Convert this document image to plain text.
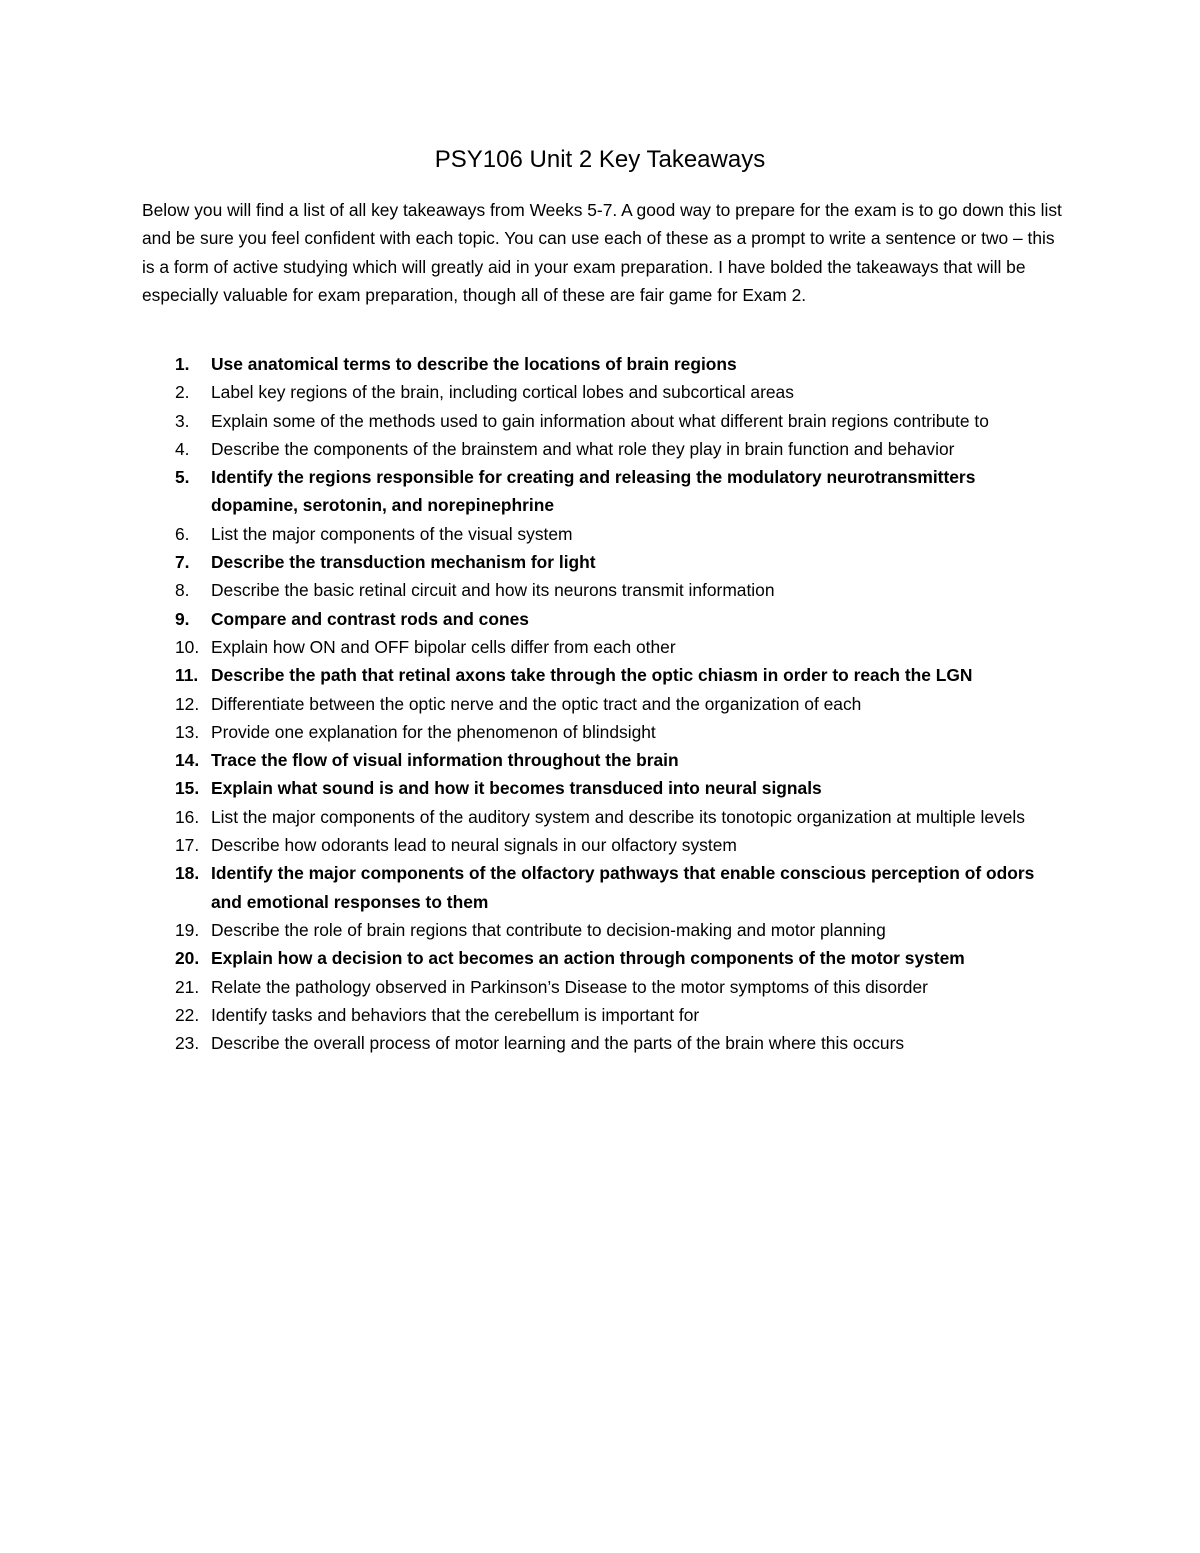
PSY106 Unit 2 Key Takeaways

Below you will find a list of all key takeaways from Weeks 5-7. A good way to prepare for the exam is to go down this list and be sure you feel confident with each topic. You can use each of these as a prompt to write a sentence or two – this is a form of active studying which will greatly aid in your exam preparation. I have bolded the takeaways that will be especially valuable for exam preparation, though all of these are fair game for Exam 2.

1.	Use anatomical terms to describe the locations of brain regions
2.	Label key regions of the brain, including cortical lobes and subcortical areas
3.	Explain some of the methods used to gain information about what different brain regions contribute to
4.	Describe the components of the brainstem and what role they play in brain function and behavior
5.	Identify the regions responsible for creating and releasing the modulatory neurotransmitters dopamine, serotonin, and norepinephrine
6.	List the major components of the visual system
7.	Describe the transduction mechanism for light
8.	Describe the basic retinal circuit and how its neurons transmit information
9.	Compare and contrast rods and cones
10. Explain how ON and OFF bipolar cells differ from each other
11. Describe the path that retinal axons take through the optic chiasm in order to reach the LGN
12. Differentiate between the optic nerve and the optic tract and the organization of each
13. Provide one explanation for the phenomenon of blindsight
14. Trace the flow of visual information throughout the brain
15. Explain what sound is and how it becomes transduced into neural signals
16. List the major components of the auditory system and describe its tonotopic organization at multiple levels
17. Describe how odorants lead to neural signals in our olfactory system
18. Identify the major components of the olfactory pathways that enable conscious perception of odors and emotional responses to them
19. Describe the role of brain regions that contribute to decision-making and motor planning
20. Explain how a decision to act becomes an action through components of the motor system
21. Relate the pathology observed in Parkinson’s Disease to the motor symptoms of this disorder
22. Identify tasks and behaviors that the cerebellum is important for
23. Describe the overall process of motor learning and the parts of the brain where this occurs
